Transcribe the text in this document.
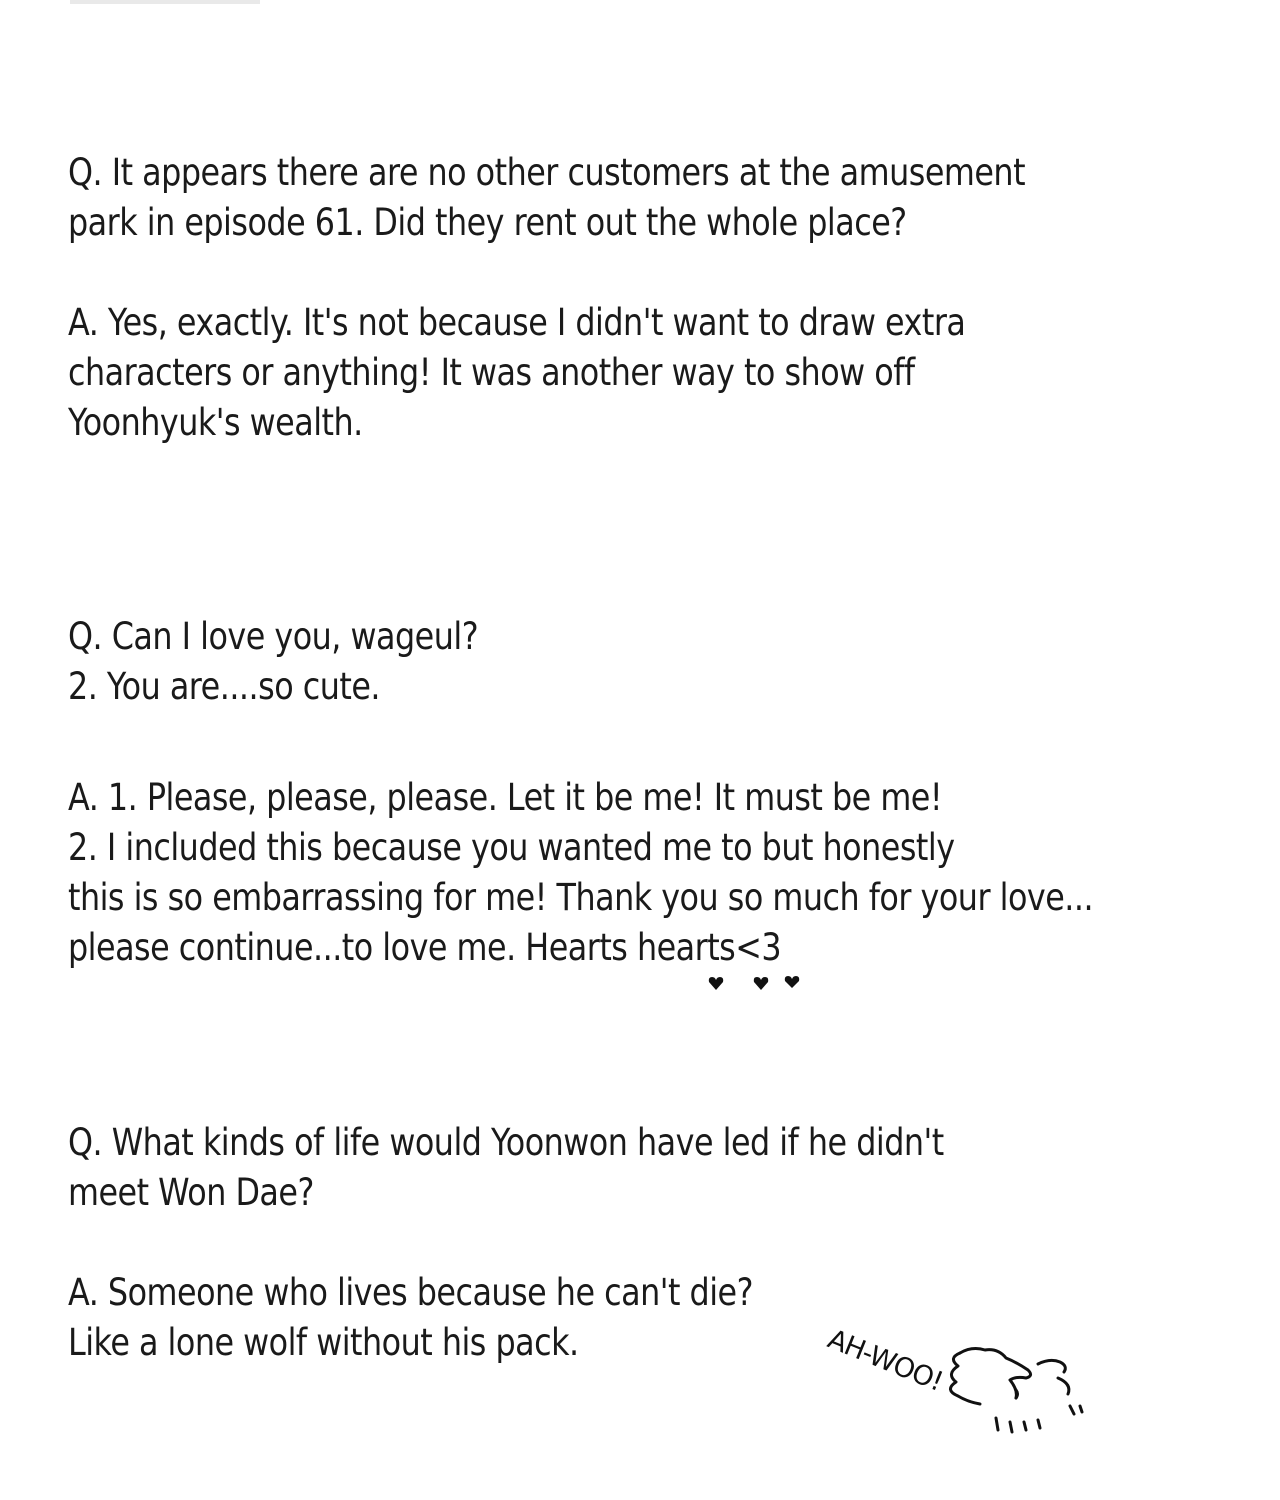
Q. It appears there are no other customers at the amusement
park in episode 61. Did they rent out the whole place?
A. Yes, exactly. It's not because I didn't want to draw extra
characters or anything! It was another way to show off
Yoonhyuk's wealth.
Q. Can I love you, wageul?
2. You are....so cute.
A. 1. Please, please, please. Let it be me! It must be me!
2. I included this because you wanted me to but honestly
this is so embarrassing for me! Thank you so much for your love...
please continue...to love me. Hearts hearts<3
Q. What kinds of life would Yoonwon have led if he didn't
meet Won Dae?
A. Someone who lives because he can't die?
Like a lone wolf without his pack.	AH-WOO!
